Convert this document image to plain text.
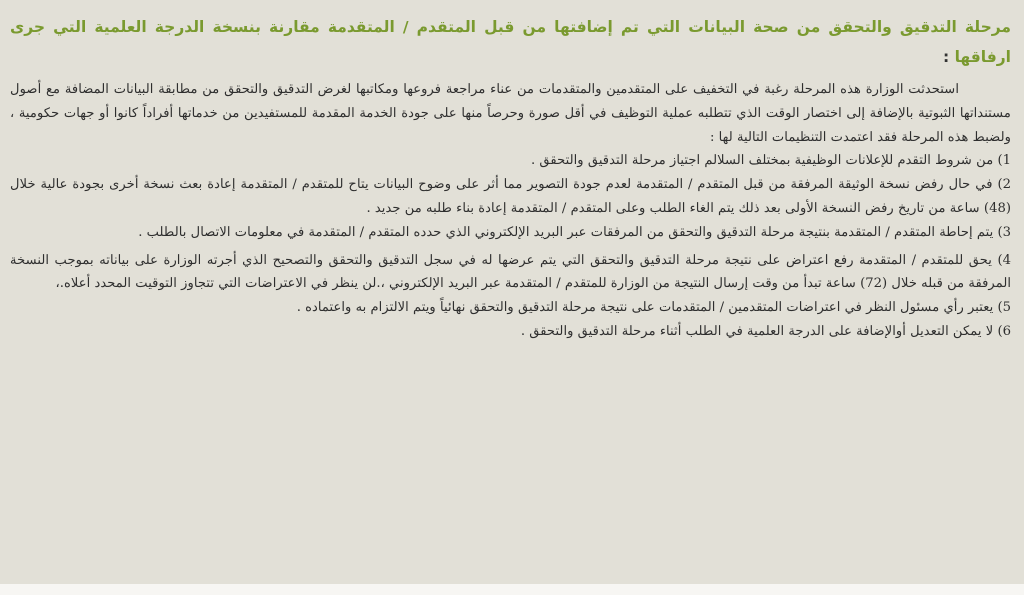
مرحلة التدقيق والتحقق من صحة البيانات التي تم إضافتها من قبل المتقدم / المتقدمة مقارنة بنسخة الدرجة العلمية التي جرى ارفاقها :

استحدثت الوزارة هذه المرحلة رغبة في التخفيف على المتقدمين والمتقدمات من عناء مراجعة فروعها ومكاتبها لغرض التدقيق والتحقق من مطابقة البيانات المضافة مع أصول مستنداتها الثبوتية بالإضافة إلى اختصار الوقت الذي تتطلبه عملية التوظيف في أقل صورة وحرصاً منها على جودة الخدمة المقدمة للمستفيدين من خدماتها أفراداً كانوا أو جهات حكومية ، ولضبط هذه المرحلة فقد اعتمدت التنظيمات التالية لها :

1) من شروط التقدم للإعلانات الوظيفية بمختلف السلالم اجتياز مرحلة التدقيق والتحقق .

2) في حال رفض نسخة الوثيقة المرفقة من قبل المتقدم / المتقدمة لعدم جودة التصوير مما أثر على وضوح البيانات يتاح للمتقدم / المتقدمة إعادة بعث نسخة أخرى بجودة عالية خلال (48) ساعة من تاريخ رفض النسخة الأولى بعد ذلك يتم الغاء الطلب وعلى المتقدم / المتقدمة إعادة بناء طلبه من جديد .

3) يتم إحاطة المتقدم / المتقدمة بنتيجة مرحلة التدقيق والتحقق من المرفقات عبر البريد الإلكتروني الذي حدده المتقدم / المتقدمة في معلومات الاتصال بالطلب .

4) يحق للمتقدم / المتقدمة رفع اعتراض على نتيجة مرحلة التدقيق والتحقق التي يتم عرضها له في سجل التدقيق والتحقق والتصحيح الذي أجرته الوزارة على بياناته بموجب النسخة المرفقة من قبله خلال (72) ساعة تبدأ من وقت إرسال النتيجة من الوزارة للمتقدم / المتقدمة عبر البريد الإلكتروني ،.لن ينظر في الاعتراضات التي تتجاوز التوقيت المحدد أعلاه.،

5) يعتبر رأي مسئول النظر في اعتراضات المتقدمين / المتقدمات على نتيجة مرحلة التدقيق والتحقق نهائياً ويتم الالتزام به واعتماده .

6) لا يمكن التعديل أوالإضافة على الدرجة العلمية في الطلب أثناء مرحلة التدقيق والتحقق .
